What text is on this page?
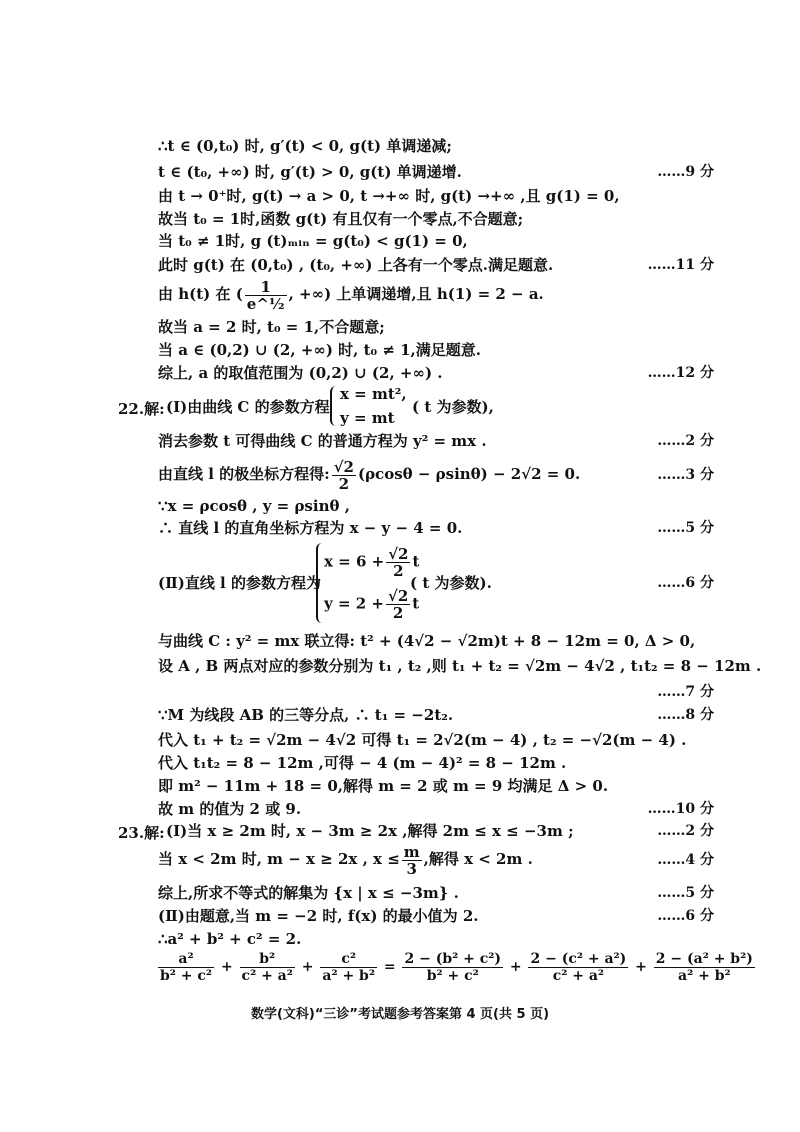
∴t ∈ (0,t₀) 时, g′(t) < 0, g(t) 单调递减;
t ∈ (t₀, +∞) 时, g′(t) > 0, g(t) 单调递增.	……9 分
由 t → 0⁺时, g(t) → a > 0, t →+∞ 时, g(t) →+∞ ,且 g(1) = 0,
故当 t₀ = 1时,函数 g(t) 有且仅有一个零点,不合题意;
当 t₀ ≠ 1时, g (t)ₘᵢₙ = g(t₀) < g(1) = 0,
此时 g(t) 在 (0,t₀) , (t₀, +∞) 上各有一个零点.满足题意.	……11 分
由 h(t) 在 ( $\frac{1}{\text{e\textasciicircum{}½}}$ , +∞) 上单调递增,且 h(1) = 2 − a.
故当 a = 2 时, t₀ = 1,不合题意;
当 a ∈ (0,2) ∪ (2, +∞) 时, t₀ ≠ 1,满足题意.
综上, a 的取值范围为 (0,2) ∪ (2, +∞) .	……12 分
22.解: (Ⅰ)由曲线 C 的参数方程
x = mt²,
y = mt
( t 为参数),
消去参数 t 可得曲线 C 的普通方程为 y² = mx .	……2 分
由直线 l 的极坐标方程得: $\frac{√2}{2} (\rho\cos\theta - \rho\sin\theta) - 2√2 = 0$.	……3 分
∵x = ρcosθ , y = ρsinθ ,
∴ 直线 l 的直角坐标方程为 x − y − 4 = 0.	……5 分
(Ⅱ)直线 l 的参数方程为
$x = 6 + \frac{√2}{2}$ t
$y = 2 + \frac{√2}{2}$ t
( t 为参数).	……6 分
与曲线 C : y² = mx 联立得: t² + (4√2 − √2m)t + 8 − 12m = 0, Δ > 0,
设 A , B 两点对应的参数分别为 t₁ , t₂ ,则 t₁ + t₂ = √2m − 4√2 , t₁t₂ = 8 − 12m .
……7 分
∵M 为线段 AB 的三等分点, ∴ t₁ = −2t₂.	……8 分
代入 t₁ + t₂ = √2m − 4√2 可得 t₁ = 2√2(m − 4) , t₂ = −√2(m − 4) .
代入 t₁t₂ = 8 − 12m ,可得 − 4 (m − 4)² = 8 − 12m .
即 m² − 11m + 18 = 0,解得 m = 2 或 m = 9 均满足 Δ > 0.
故 m 的值为 2 或 9.	……10 分
23.解: (Ⅰ)当 x ≥ 2m 时, x − 3m ≥ 2x ,解得 2m ≤ x ≤ −3m ;	……2 分
当 x < 2m 时, m − x ≥ 2x , $x \le \frac{m}{3}$ ,解得 x < 2m .	……4 分
综上,所求不等式的解集为 {x | x ≤ −3m} .	……5 分
(Ⅱ)由题意,当 m = −2 时, f(x) 的最小值为 2.	……6 分
∴a² + b² + c² = 2.
$\frac{\text{a²}}{\text{b² + c²}} + \frac{\text{b²}}{\text{c² + a²}} + \frac{\text{c²}}{\text{a² + b²}} = \frac{\text{2 − (b² + c²)}}{\text{b² + c²}} + \frac{\text{2 − (c² + a²)}}{\text{c² + a²}} + \frac{\text{2 − (a² + b²)}}{\text{a² + b²}}$
数学(文科)“三诊”考试题参考答案第 4 页(共 5 页)
